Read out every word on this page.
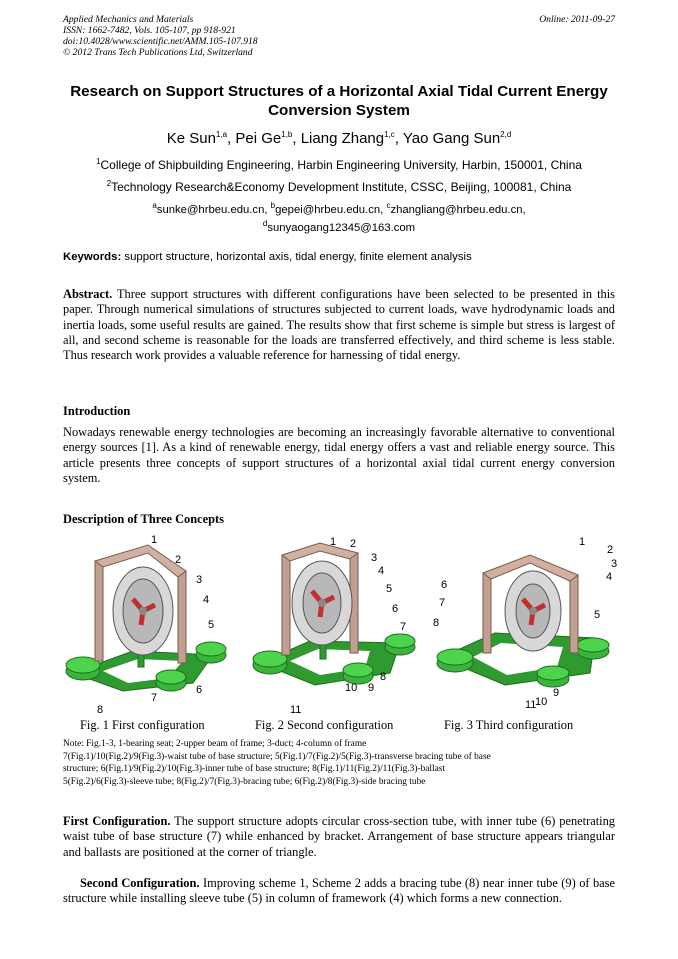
Applied Mechanics and Materials
ISSN: 1662-7482, Vols. 105-107, pp 918-921
doi:10.4028/www.scientific.net/AMM.105-107.918
© 2012 Trans Tech Publications Ltd, Switzerland
Online: 2011-09-27
Research on Support Structures of a Horizontal Axial Tidal Current Energy Conversion System
Ke Sun$^{1,a}$, Pei Ge$^{1,b}$, Liang Zhang$^{1,c}$, Yao Gang Sun$^{2,d}$
$^1$College of Shipbuilding Engineering, Harbin Engineering University, Harbin, 150001, China
$^2$Technology Research&Economy Development Institute, CSSC, Beijing, 100081, China
$^a$sunke@hrbeu.edu.cn, $^b$gepei@hrbeu.edu.cn, $^c$zhangliang@hrbeu.edu.cn,
$^d$sunyaogang12345@163.com
Keywords: support structure, horizontal axis, tidal energy, finite element analysis
Abstract. Three support structures with different configurations have been selected to be presented in this paper. Through numerical simulations of structures subjected to current loads, wave hydrodynamic loads and inertia loads, some useful results are gained. The results show that first scheme is simple but stress is largest of all, and second scheme is reasonable for the loads are transferred effectively, and third scheme is less stable. Thus research work provides a valuable reference for harnessing of tidal energy.
Introduction
Nowadays renewable energy technologies are becoming an increasingly favorable alternative to conventional energy sources [1]. As a kind of renewable energy, tidal energy offers a vast and reliable energy source. This article presents three concepts of support structures of a horizontal axial tidal current energy conversion system.
Description of Three Concepts
1
2
3
4
5
6
7
8
1 2
3
4
5
6
7
8
9
10
11
1
2
3
6
7
8
11
10
9
4
5
Fig. 1 First configuration	Fig. 2 Second configuration	Fig. 3 Third configuration
Note: Fig.1-3, 1-bearing seat; 2-upper beam of frame; 3-duct; 4-column of frame
7(Fig.1)/10(Fig.2)/9(Fig.3)-waist tube of base structure; 5(Fig.1)/7(Fig.2)/5(Fig.3)-transverse bracing tube of base
structure; 6(Fig.1)/9(Fig.2)/10(Fig.3)-inner tube of base structure; 8(Fig.1)/11(Fig.2)/11(Fig.3)-ballast
5(Fig.2)/6(Fig.3)-sleeve tube; 8(Fig.2)/7(Fig.3)-bracing tube; 6(Fig.2)/8(Fig.3)-side bracing tube
First Configuration. The support structure adopts circular cross-section tube, with inner tube (6) penetrating waist tube of base structure (7) while enhanced by bracket. Arrangement of base structure appears triangular and ballasts are positioned at the corner of triangle.
Second Configuration. Improving scheme 1, Scheme 2 adds a bracing tube (8) near inner tube (9) of base structure while installing sleeve tube (5) in column of framework (4) which forms a new connection.
